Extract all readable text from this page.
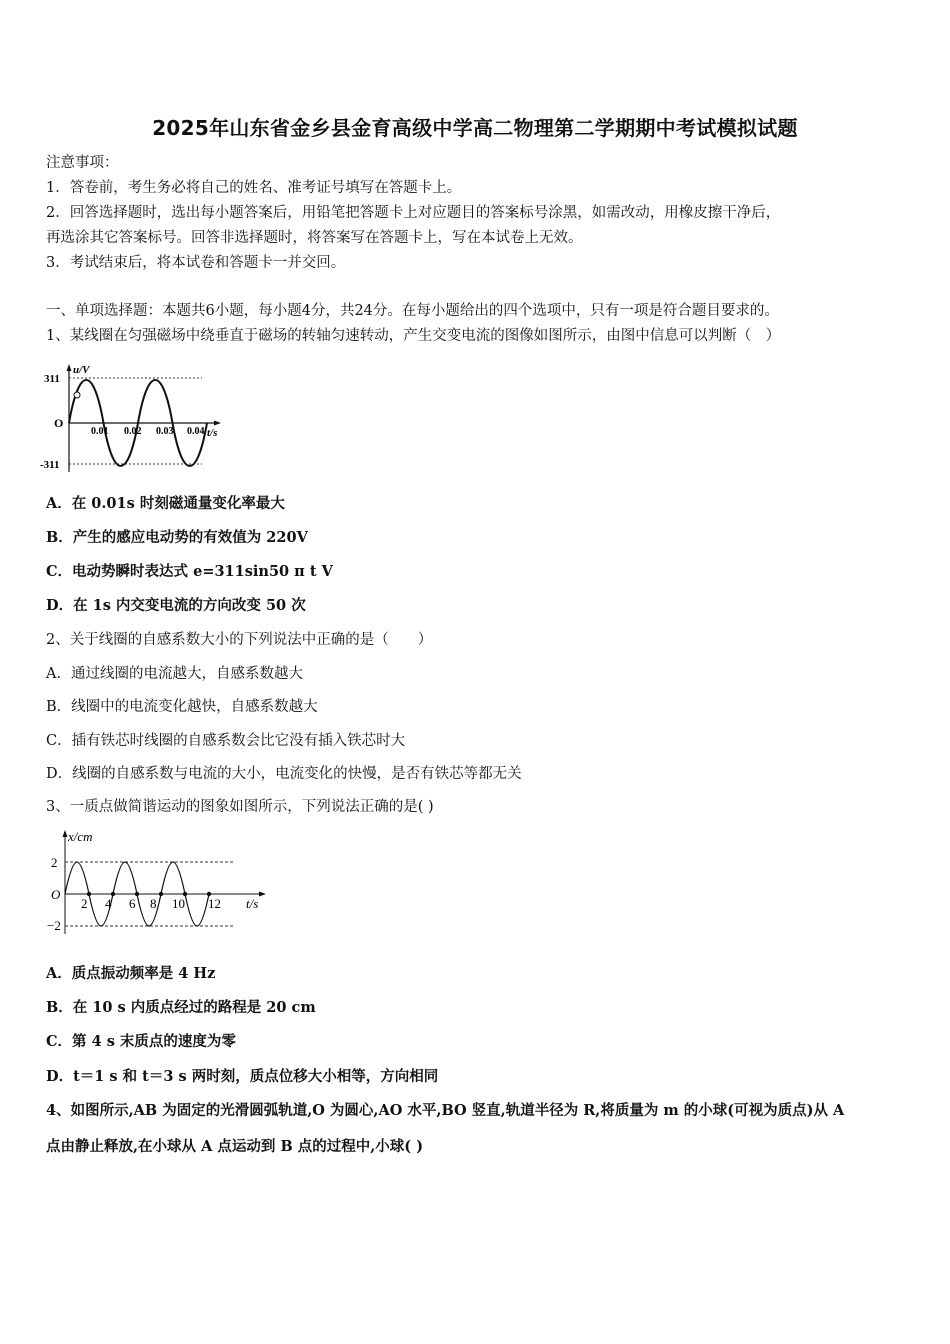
2025年山东省金乡县金育高级中学高二物理第二学期期中考试模拟试题
注意事项：
1．答卷前，考生务必将自己的姓名、准考证号填写在答题卡上。
2．回答选择题时，选出每小题答案后，用铅笔把答题卡上对应题目的答案标号涂黑，如需改动，用橡皮擦干净后，
再选涂其它答案标号。回答非选择题时，将答案写在答题卡上，写在本试卷上无效。
3．考试结束后，将本试卷和答题卡一并交回。
一、单项选择题：本题共6小题，每小题4分，共24分。在每小题给出的四个选项中，只有一项是符合题目要求的。
1、某线圈在匀强磁场中绕垂直于磁场的转轴匀速转动，产生交变电流的图像如图所示，由图中信息可以判断（　）
311
-311
O
u/V
t/s
0.01 0.02 0.03 0.04
A．在 0.01s 时刻磁通量变化率最大
B．产生的感应电动势的有效值为 220V
C．电动势瞬时表达式 e=311sin50 π t V
D．在 1s 内交变电流的方向改变 50 次
2、关于线圈的自感系数大小的下列说法中正确的是（　　）
A．通过线圈的电流越大，自感系数越大
B．线圈中的电流变化越快，自感系数越大
C．插有铁芯时线圈的自感系数会比它没有插入铁芯时大
D．线圈的自感系数与电流的大小，电流变化的快慢，是否有铁芯等都无关
3、一质点做简谐运动的图象如图所示，下列说法正确的是( )
x/cm
2
−2
O
2 4 6 8 10 12 t/s
A．质点振动频率是 4 Hz
B．在 10 s 内质点经过的路程是 20 cm
C．第 4 s 末质点的速度为零
D．t＝1 s 和 t＝3 s 两时刻，质点位移大小相等，方向相同
4、如图所示,AB 为固定的光滑圆弧轨道,O 为圆心,AO 水平,BO 竖直,轨道半径为 R,将质量为 m 的小球(可视为质点)从 A
点由静止释放,在小球从 A 点运动到 B 点的过程中,小球( )
